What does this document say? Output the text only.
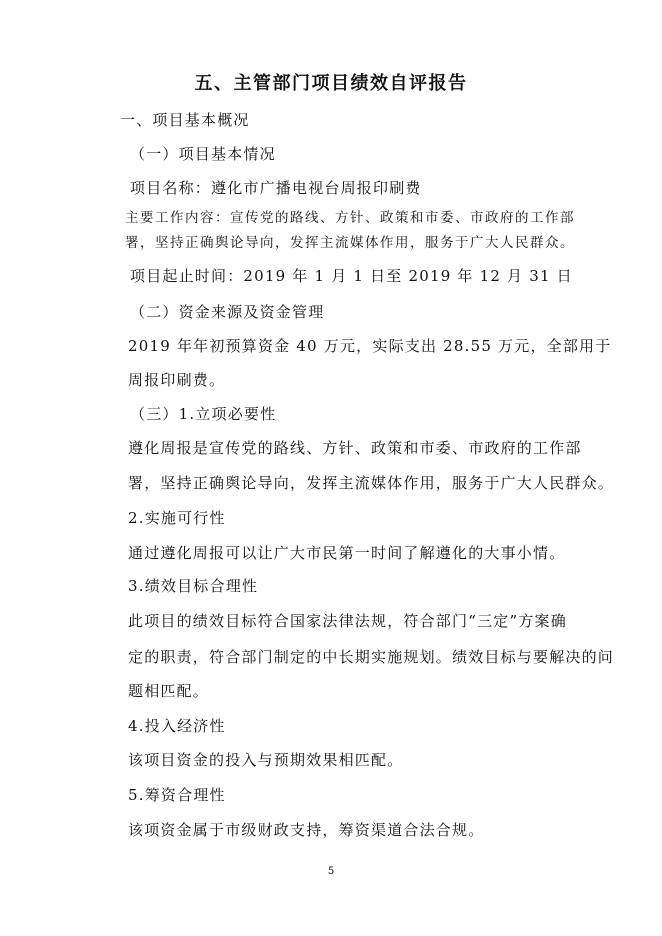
五、主管部门项目绩效自评报告
一、项目基本概况
（一）项目基本情况
项目名称：遵化市广播电视台周报印刷费
主要工作内容：宣传党的路线、方针、政策和市委、市政府的工作部
署，坚持正确舆论导向，发挥主流媒体作用，服务于广大人民群众。
项目起止时间：2019 年 1 月 1 日至 2019 年 12 月 31 日
（二）资金来源及资金管理
2019 年年初预算资金 40 万元，实际支出 28.55 万元，全部用于
周报印刷费。
（三）1.立项必要性
遵化周报是宣传党的路线、方针、政策和市委、市政府的工作部
署，坚持正确舆论导向，发挥主流媒体作用，服务于广大人民群众。
2.实施可行性
通过遵化周报可以让广大市民第一时间了解遵化的大事小情。
3.绩效目标合理性
此项目的绩效目标符合国家法律法规，符合部门“三定”方案确
定的职责，符合部门制定的中长期实施规划。绩效目标与要解决的问
题相匹配。
4.投入经济性
该项目资金的投入与预期效果相匹配。
5.筹资合理性
该项资金属于市级财政支持，筹资渠道合法合规。
5
